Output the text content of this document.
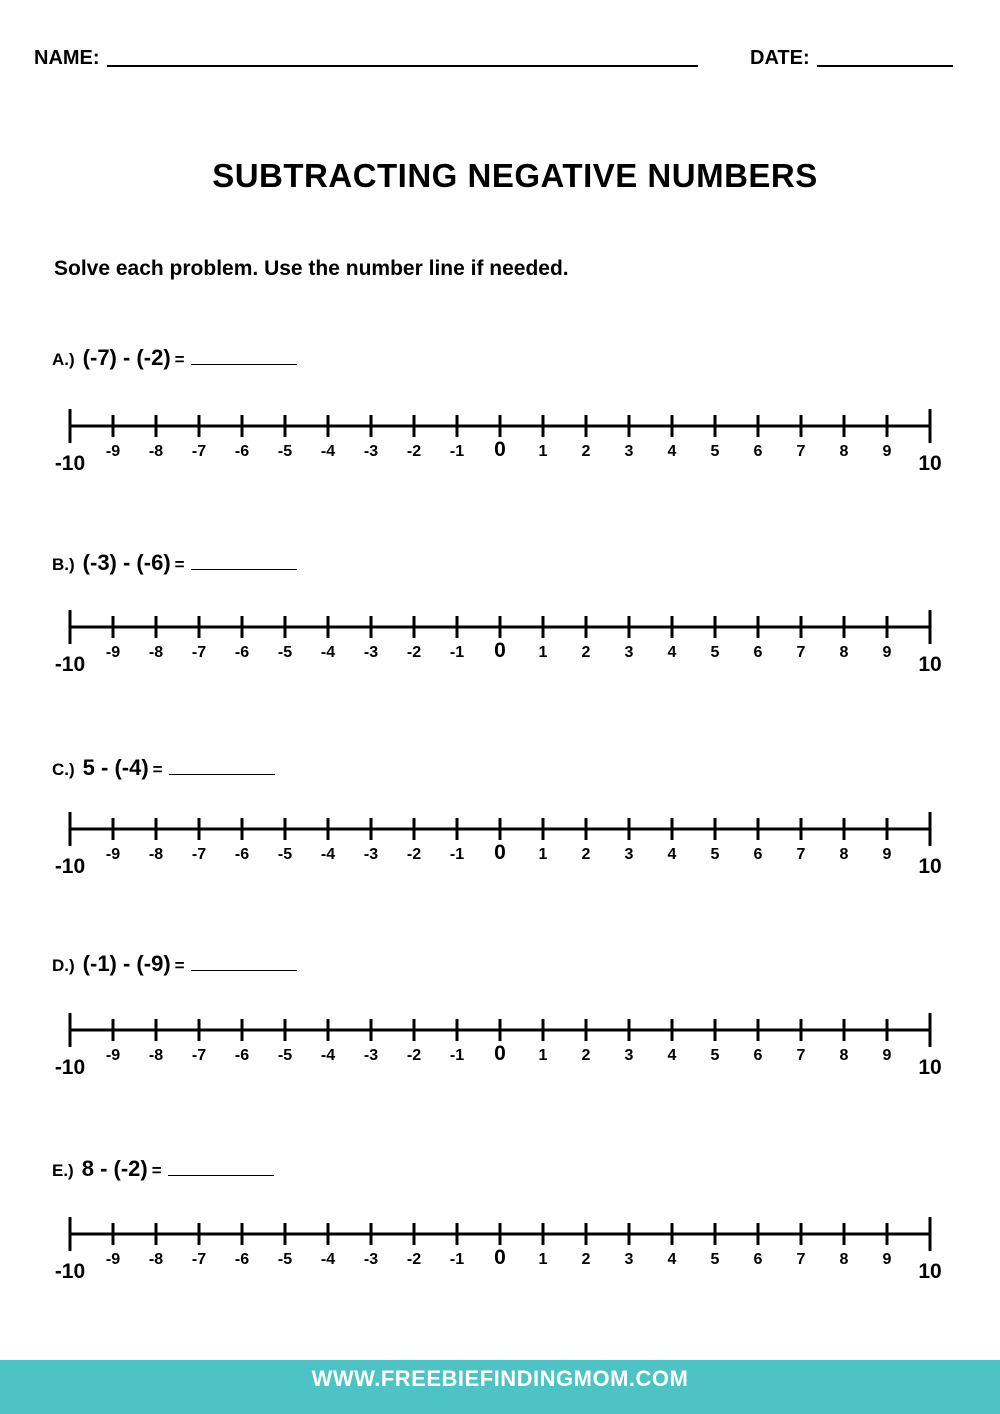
NAME:	DATE:
SUBTRACTING NEGATIVE NUMBERS
Solve each problem. Use the number line if needed.
A.) (-7) - (-2) =
-10
-9 -8 -7 -6 -5 -4 -3 -2 -1 0 1 2 3 4 5 6 7 8 9
10
B.) (-3) - (-6) =
-10
-9 -8 -7 -6 -5 -4 -3 -2 -1 0 1 2 3 4 5 6 7 8 9
10
C.) 5 - (-4) =
-10
-9 -8 -7 -6 -5 -4 -3 -2 -1 0 1 2 3 4 5 6 7 8 9
10
D.) (-1) - (-9) =
-10
-9 -8 -7 -6 -5 -4 -3 -2 -1 0 1 2 3 4 5 6 7 8 9
10
E.) 8 - (-2) =
-10
-9 -8 -7 -6 -5 -4 -3 -2 -1 0 1 2 3 4 5 6 7 8 9
10
WWW.FREEBIEFINDINGMOM.COM
